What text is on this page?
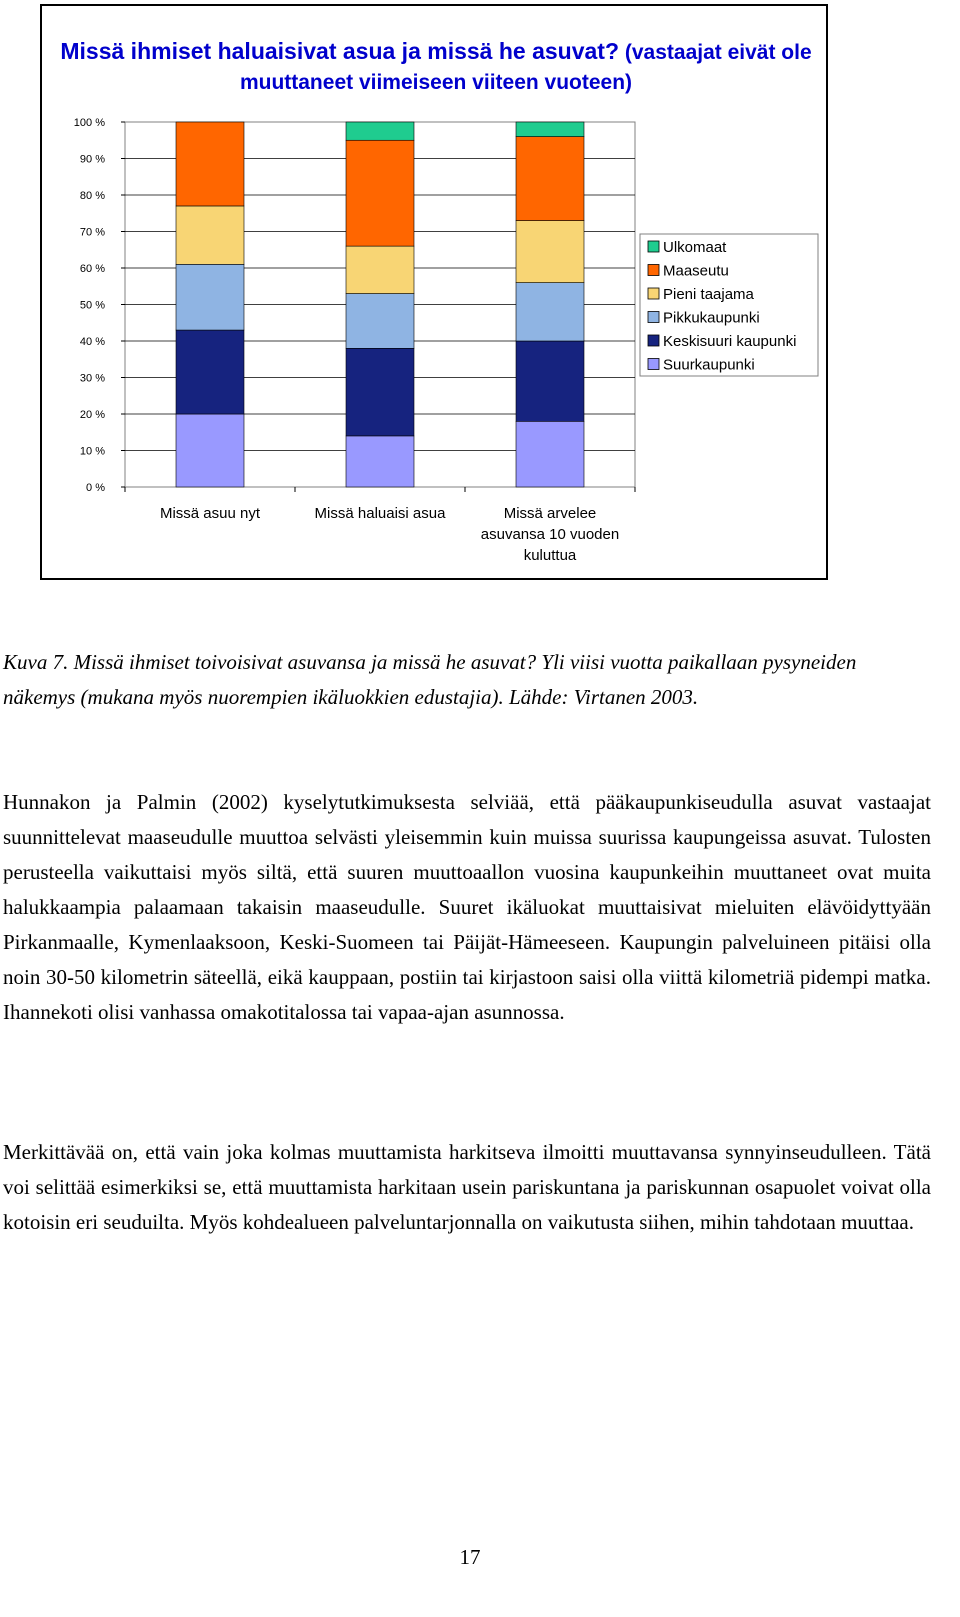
Missä ihmiset haluaisivat asua ja missä he asuvat? (vastaajat eivät ole muuttaneet viimeiseen viiteen vuoteen)
0 %
10 %
20 %
30 %
40 %
50 %
60 %
70 %
80 %
90 %
100 %
Missä asuu nyt	Missä haluaisi asua	Missä arvelee
asuvansa 10 vuoden
kuluttua
Ulkomaat
Maaseutu
Pieni taajama
Pikkukaupunki
Keskisuuri kaupunki
Suurkaupunki

Kuva 7. Missä ihmiset toivoisivat asuvansa ja missä he asuvat? Yli viisi vuotta paikallaan pysyneiden näkemys (mukana myös nuorempien ikäluokkien edustajia). Lähde: Virtanen 2003.

Hunnakon ja Palmin (2002) kyselytutkimuksesta selviää, että pääkaupunkiseudulla asuvat vastaajat suunnittelevat maaseudulle muuttoa selvästi yleisemmin kuin muissa suurissa kaupungeissa asuvat. Tulosten perusteella vaikuttaisi myös siltä, että suuren muuttoaallon vuosina kaupunkeihin muuttaneet ovat muita halukkaampia palaamaan takaisin maaseudulle. Suuret ikäluokat muuttaisivat mieluiten elävöidyttyään Pirkanmaalle, Kymenlaaksoon, Keski-Suomeen tai Päijät-Hämeeseen. Kaupungin palveluineen pitäisi olla noin 30-50 kilometrin säteellä, eikä kauppaan, postiin tai kirjastoon saisi olla viittä kilometriä pidempi matka. Ihannekoti olisi vanhassa omakotitalossa tai vapaa-ajan asunnossa.

Merkittävää on, että vain joka kolmas muuttamista harkitseva ilmoitti muuttavansa synnyinseudulleen. Tätä voi selittää esimerkiksi se, että muuttamista harkitaan usein pariskuntana ja pariskunnan osapuolet voivat olla kotoisin eri seuduilta. Myös kohdealueen palveluntarjonnalla on vaikutusta siihen, mihin tahdotaan muuttaa.

17
